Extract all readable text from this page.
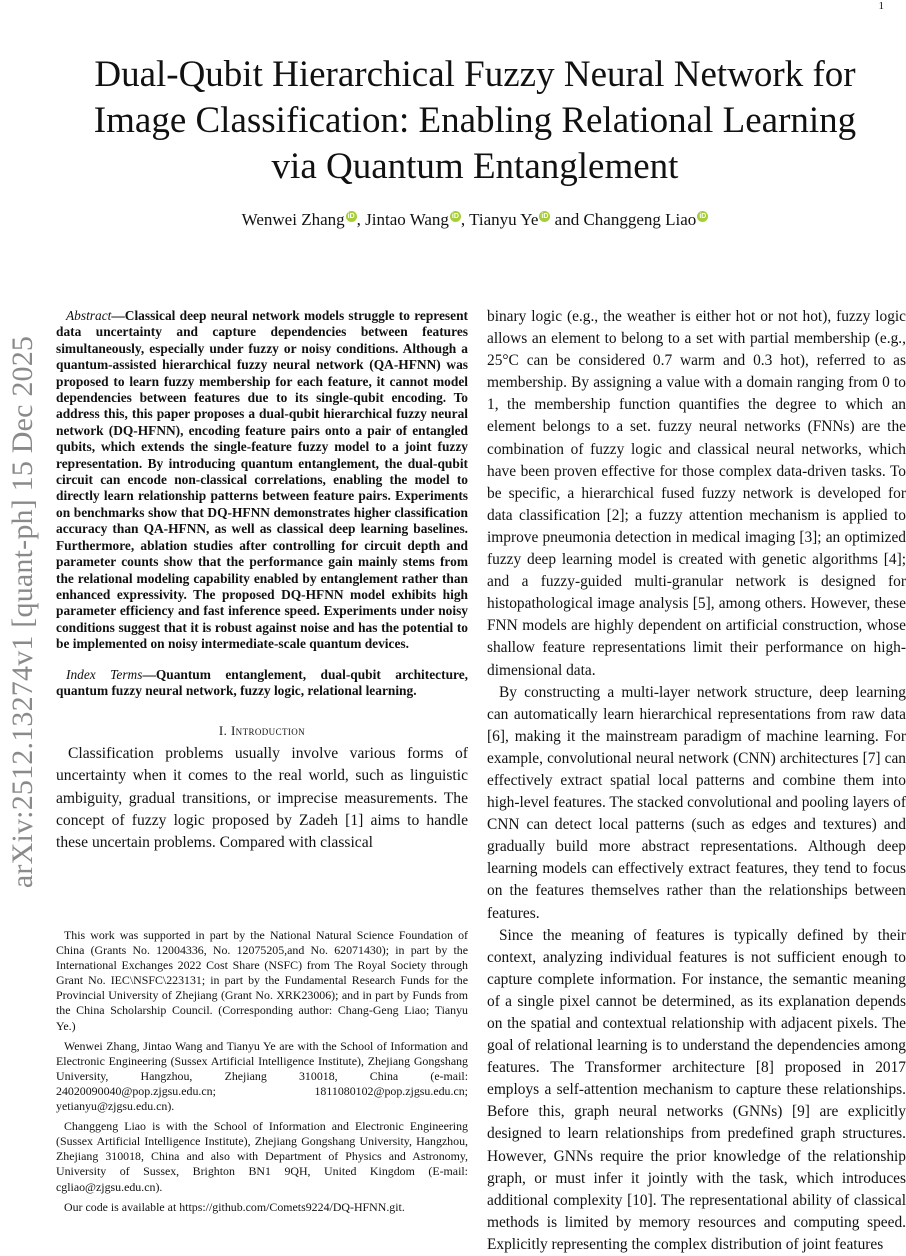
1
arXiv:2512.13274v1 [quant-ph] 15 Dec 2025
Dual-Qubit Hierarchical Fuzzy Neural Network for
Image Classification: Enabling Relational Learning
via Quantum Entanglement
Wenwei Zhang iD , Jintao Wang iD , Tianyu Ye iD and Changgeng Liao iD

Abstract—Classical deep neural network models struggle to represent data uncertainty and capture dependencies between features simultaneously, especially under fuzzy or noisy conditions. Although a quantum-assisted hierarchical fuzzy neural network (QA-HFNN) was proposed to learn fuzzy membership for each feature, it cannot model dependencies between features due to its single-qubit encoding. To address this, this paper proposes a dual-qubit hierarchical fuzzy neural network (DQ-HFNN), encoding feature pairs onto a pair of entangled qubits, which extends the single-feature fuzzy model to a joint fuzzy representation. By introducing quantum entanglement, the dual-qubit circuit can encode non-classical correlations, enabling the model to directly learn relationship patterns between feature pairs. Experiments on benchmarks show that DQ-HFNN demonstrates higher classification accuracy than QA-HFNN, as well as classical deep learning baselines. Furthermore, ablation studies after controlling for circuit depth and parameter counts show that the performance gain mainly stems from the relational modeling capability enabled by entanglement rather than enhanced expressivity. The proposed DQ-HFNN model exhibits high parameter efficiency and fast inference speed. Experiments under noisy conditions suggest that it is robust against noise and has the potential to be implemented on noisy intermediate-scale quantum devices.

Index Terms—Quantum entanglement, dual-qubit architecture, quantum fuzzy neural network, fuzzy logic, relational learning.

I. Introduction

Classification problems usually involve various forms of uncertainty when it comes to the real world, such as linguistic ambiguity, gradual transitions, or imprecise measurements. The concept of fuzzy logic proposed by Zadeh [1] aims to handle these uncertain problems. Compared with classical

This work was supported in part by the National Natural Science Foundation of China (Grants No. 12004336, No. 12075205,and No. 62071430); in part by the International Exchanges 2022 Cost Share (NSFC) from The Royal Society through Grant No. IEC\NSFC\223131; in part by the Fundamental Research Funds for the Provincial University of Zhejiang (Grant No. XRK23006); and in part by Funds from the China Scholarship Council. (Corresponding author: Chang-Geng Liao; Tianyu Ye.)

Wenwei Zhang, Jintao Wang and Tianyu Ye are with the School of Information and Electronic Engineering (Sussex Artificial Intelligence Institute), Zhejiang Gongshang University, Hangzhou, Zhejiang 310018, China (e-mail: 24020090040@pop.zjgsu.edu.cn; 1811080102@pop.zjgsu.edu.cn; yetianyu@zjgsu.edu.cn).

Changgeng Liao is with the School of Information and Electronic Engineering (Sussex Artificial Intelligence Institute), Zhejiang Gongshang University, Hangzhou, Zhejiang 310018, China and also with Department of Physics and Astronomy, University of Sussex, Brighton BN1 9QH, United Kingdom (E-mail: cgliao@zjgsu.edu.cn).

Our code is available at https://github.com/Comets9224/DQ-HFNN.git.

binary logic (e.g., the weather is either hot or not hot), fuzzy logic allows an element to belong to a set with partial membership (e.g., 25°C can be considered 0.7 warm and 0.3 hot), referred to as membership. By assigning a value with a domain ranging from 0 to 1, the membership function quantifies the degree to which an element belongs to a set. fuzzy neural networks (FNNs) are the combination of fuzzy logic and classical neural networks, which have been proven effective for those complex data-driven tasks. To be specific, a hierarchical fused fuzzy network is developed for data classification [2]; a fuzzy attention mechanism is applied to improve pneumonia detection in medical imaging [3]; an optimized fuzzy deep learning model is created with genetic algorithms [4]; and a fuzzy-guided multi-granular network is designed for histopathological image analysis [5], among others. However, these FNN models are highly dependent on artificial construction, whose shallow feature representations limit their performance on high-dimensional data.

By constructing a multi-layer network structure, deep learning can automatically learn hierarchical representations from raw data [6], making it the mainstream paradigm of machine learning. For example, convolutional neural network (CNN) architectures [7] can effectively extract spatial local patterns and combine them into high-level features. The stacked convolutional and pooling layers of CNN can detect local patterns (such as edges and textures) and gradually build more abstract representations. Although deep learning models can effectively extract features, they tend to focus on the features themselves rather than the relationships between features.

Since the meaning of features is typically defined by their context, analyzing individual features is not sufficient enough to capture complete information. For instance, the semantic meaning of a single pixel cannot be determined, as its explanation depends on the spatial and contextual relationship with adjacent pixels. The goal of relational learning is to understand the dependencies among features. The Transformer architecture [8] proposed in 2017 employs a self-attention mechanism to capture these relationships. Before this, graph neural networks (GNNs) [9] are explicitly designed to learn relationships from predefined graph structures. However, GNNs require the prior knowledge of the relationship graph, or must infer it jointly with the task, which introduces additional complexity [10]. The representational ability of classical methods is limited by memory resources and computing speed. Explicitly representing the complex distribution of joint features
